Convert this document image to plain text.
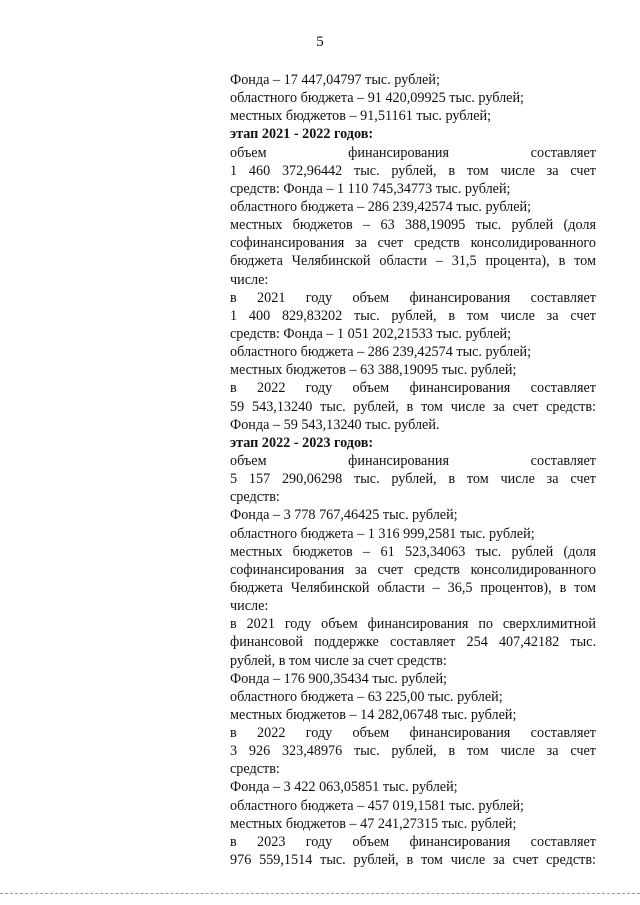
5
Фонда – 17 447,04797 тыс. рублей;
областного бюджета – 91 420,09925 тыс. рублей;
местных бюджетов – 91,51161 тыс. рублей;
этап 2021 - 2022 годов:
объем финансирования составляет
1 460 372,96442 тыс. рублей, в том числе за счет
средств: Фонда – 1 110 745,34773 тыс. рублей;
областного бюджета – 286 239,42574 тыс. рублей;
местных бюджетов – 63 388,19095 тыс. рублей (доля
софинансирования за счет средств консолидированного
бюджета Челябинской области – 31,5 процента), в том
числе:
в 2021 году объем финансирования составляет
1 400 829,83202 тыс. рублей, в том числе за счет
средств: Фонда – 1 051 202,21533 тыс. рублей;
областного бюджета – 286 239,42574 тыс. рублей;
местных бюджетов – 63 388,19095 тыс. рублей;
в 2022 году объем финансирования составляет
59 543,13240 тыс. рублей, в том числе за счет средств:
Фонда – 59 543,13240 тыс. рублей.
этап 2022 - 2023 годов:
объем финансирования составляет
5 157 290,06298 тыс. рублей, в том числе за счет
средств:
Фонда – 3 778 767,46425 тыс. рублей;
областного бюджета – 1 316 999,2581 тыс. рублей;
местных бюджетов – 61 523,34063 тыс. рублей (доля
софинансирования за счет средств консолидированного
бюджета Челябинской области – 36,5 процентов), в том
числе:
в 2021 году объем финансирования по сверхлимитной
финансовой поддержке составляет 254 407,42182 тыс.
рублей, в том числе за счет средств:
Фонда – 176 900,35434 тыс. рублей;
областного бюджета – 63 225,00 тыс. рублей;
местных бюджетов – 14 282,06748 тыс. рублей;
в 2022 году объем финансирования составляет
3 926 323,48976 тыс. рублей, в том числе за счет
средств:
Фонда – 3 422 063,05851 тыс. рублей;
областного бюджета – 457 019,1581 тыс. рублей;
местных бюджетов – 47 241,27315 тыс. рублей;
в 2023 году объем финансирования составляет
976 559,1514 тыс. рублей, в том числе за счет средств:
